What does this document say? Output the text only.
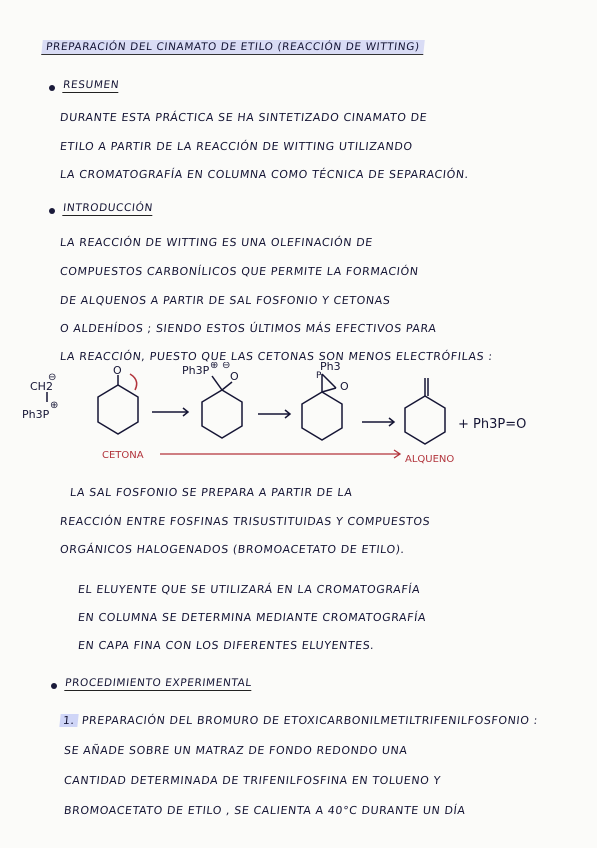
PREPARACIÓN DEL CINAMATO DE ETILO (REACCIÓN DE WITTING)
RESUMEN
DURANTE ESTA PRÁCTICA SE HA SINTETIZADO CINAMATO DE
ETILO A PARTIR DE LA REACCIÓN DE WITTING UTILIZANDO
LA CROMATOGRAFÍA EN COLUMNA COMO TÉCNICA DE SEPARACIÓN.
INTRODUCCIÓN
LA REACCIÓN DE WITTING ES UNA OLEFINACIÓN DE
COMPUESTOS CARBONÍLICOS QUE PERMITE LA FORMACIÓN
DE ALQUENOS A PARTIR DE SAL FOSFONIO Y CETONAS
O ALDEHÍDOS ; SIENDO ESTOS ÚLTIMOS MÁS EFECTIVOS PARA
LA REACCIÓN, PUESTO QUE LAS CETONAS SON MENOS ELECTRÓFILAS :
CH2
⊖
Ph3P
⊕
O	Ph3P ⊕ ⊖
O
Ph3
P
O
+ Ph3P=O
CETONA	ALQUENO
LA SAL FOSFONIO SE PREPARA A PARTIR DE LA
REACCIÓN ENTRE FOSFINAS TRISUSTITUIDAS Y COMPUESTOS
ORGÁNICOS HALOGENADOS (BROMOACETATO DE ETILO).
EL ELUYENTE QUE SE UTILIZARÁ EN LA CROMATOGRAFÍA
EN COLUMNA SE DETERMINA MEDIANTE CROMATOGRAFÍA
EN CAPA FINA CON LOS DIFERENTES ELUYENTES.
PROCEDIMIENTO EXPERIMENTAL
1. PREPARACIÓN DEL BROMURO DE ETOXICARBONILMETILTRIFENILFOSFONIO :
SE AÑADE SOBRE UN MATRAZ DE FONDO REDONDO UNA
CANTIDAD DETERMINADA DE TRIFENILFOSFINA EN TOLUENO Y
BROMOACETATO DE ETILO , SE CALIENTA A 40°C DURANTE UN DÍA
